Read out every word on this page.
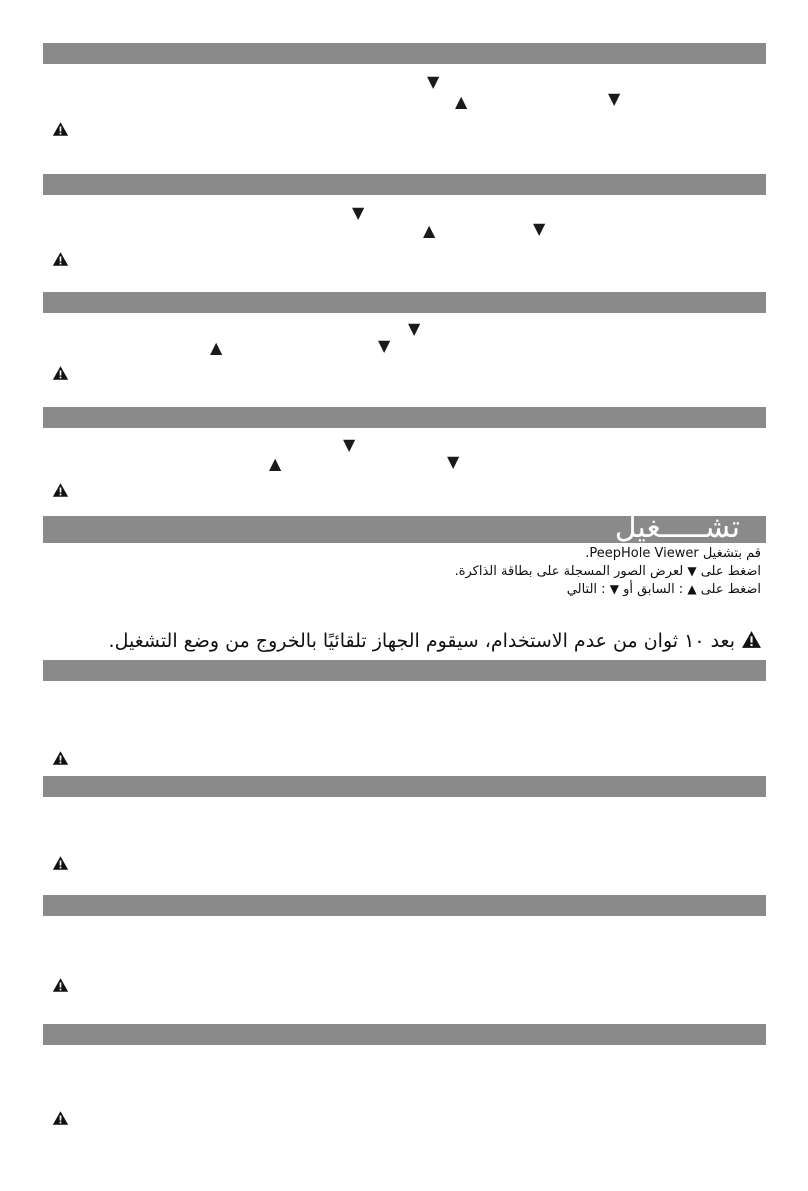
▼
▲	▼
▼
▲	▼
▼
▲	▼
▼
▲	▼
تشـــــغيل
قم بتشغيل PeepHole Viewer.
اضغط على ▼ لعرض الصور المسجلة على بطاقة الذاكرة.
اضغط على ▲ : السابق أو ▼ : التالي
بعد ١٠ ثوان من عدم الاستخدام، سيقوم الجهاز تلقائيًا بالخروج من وضع التشغيل.
